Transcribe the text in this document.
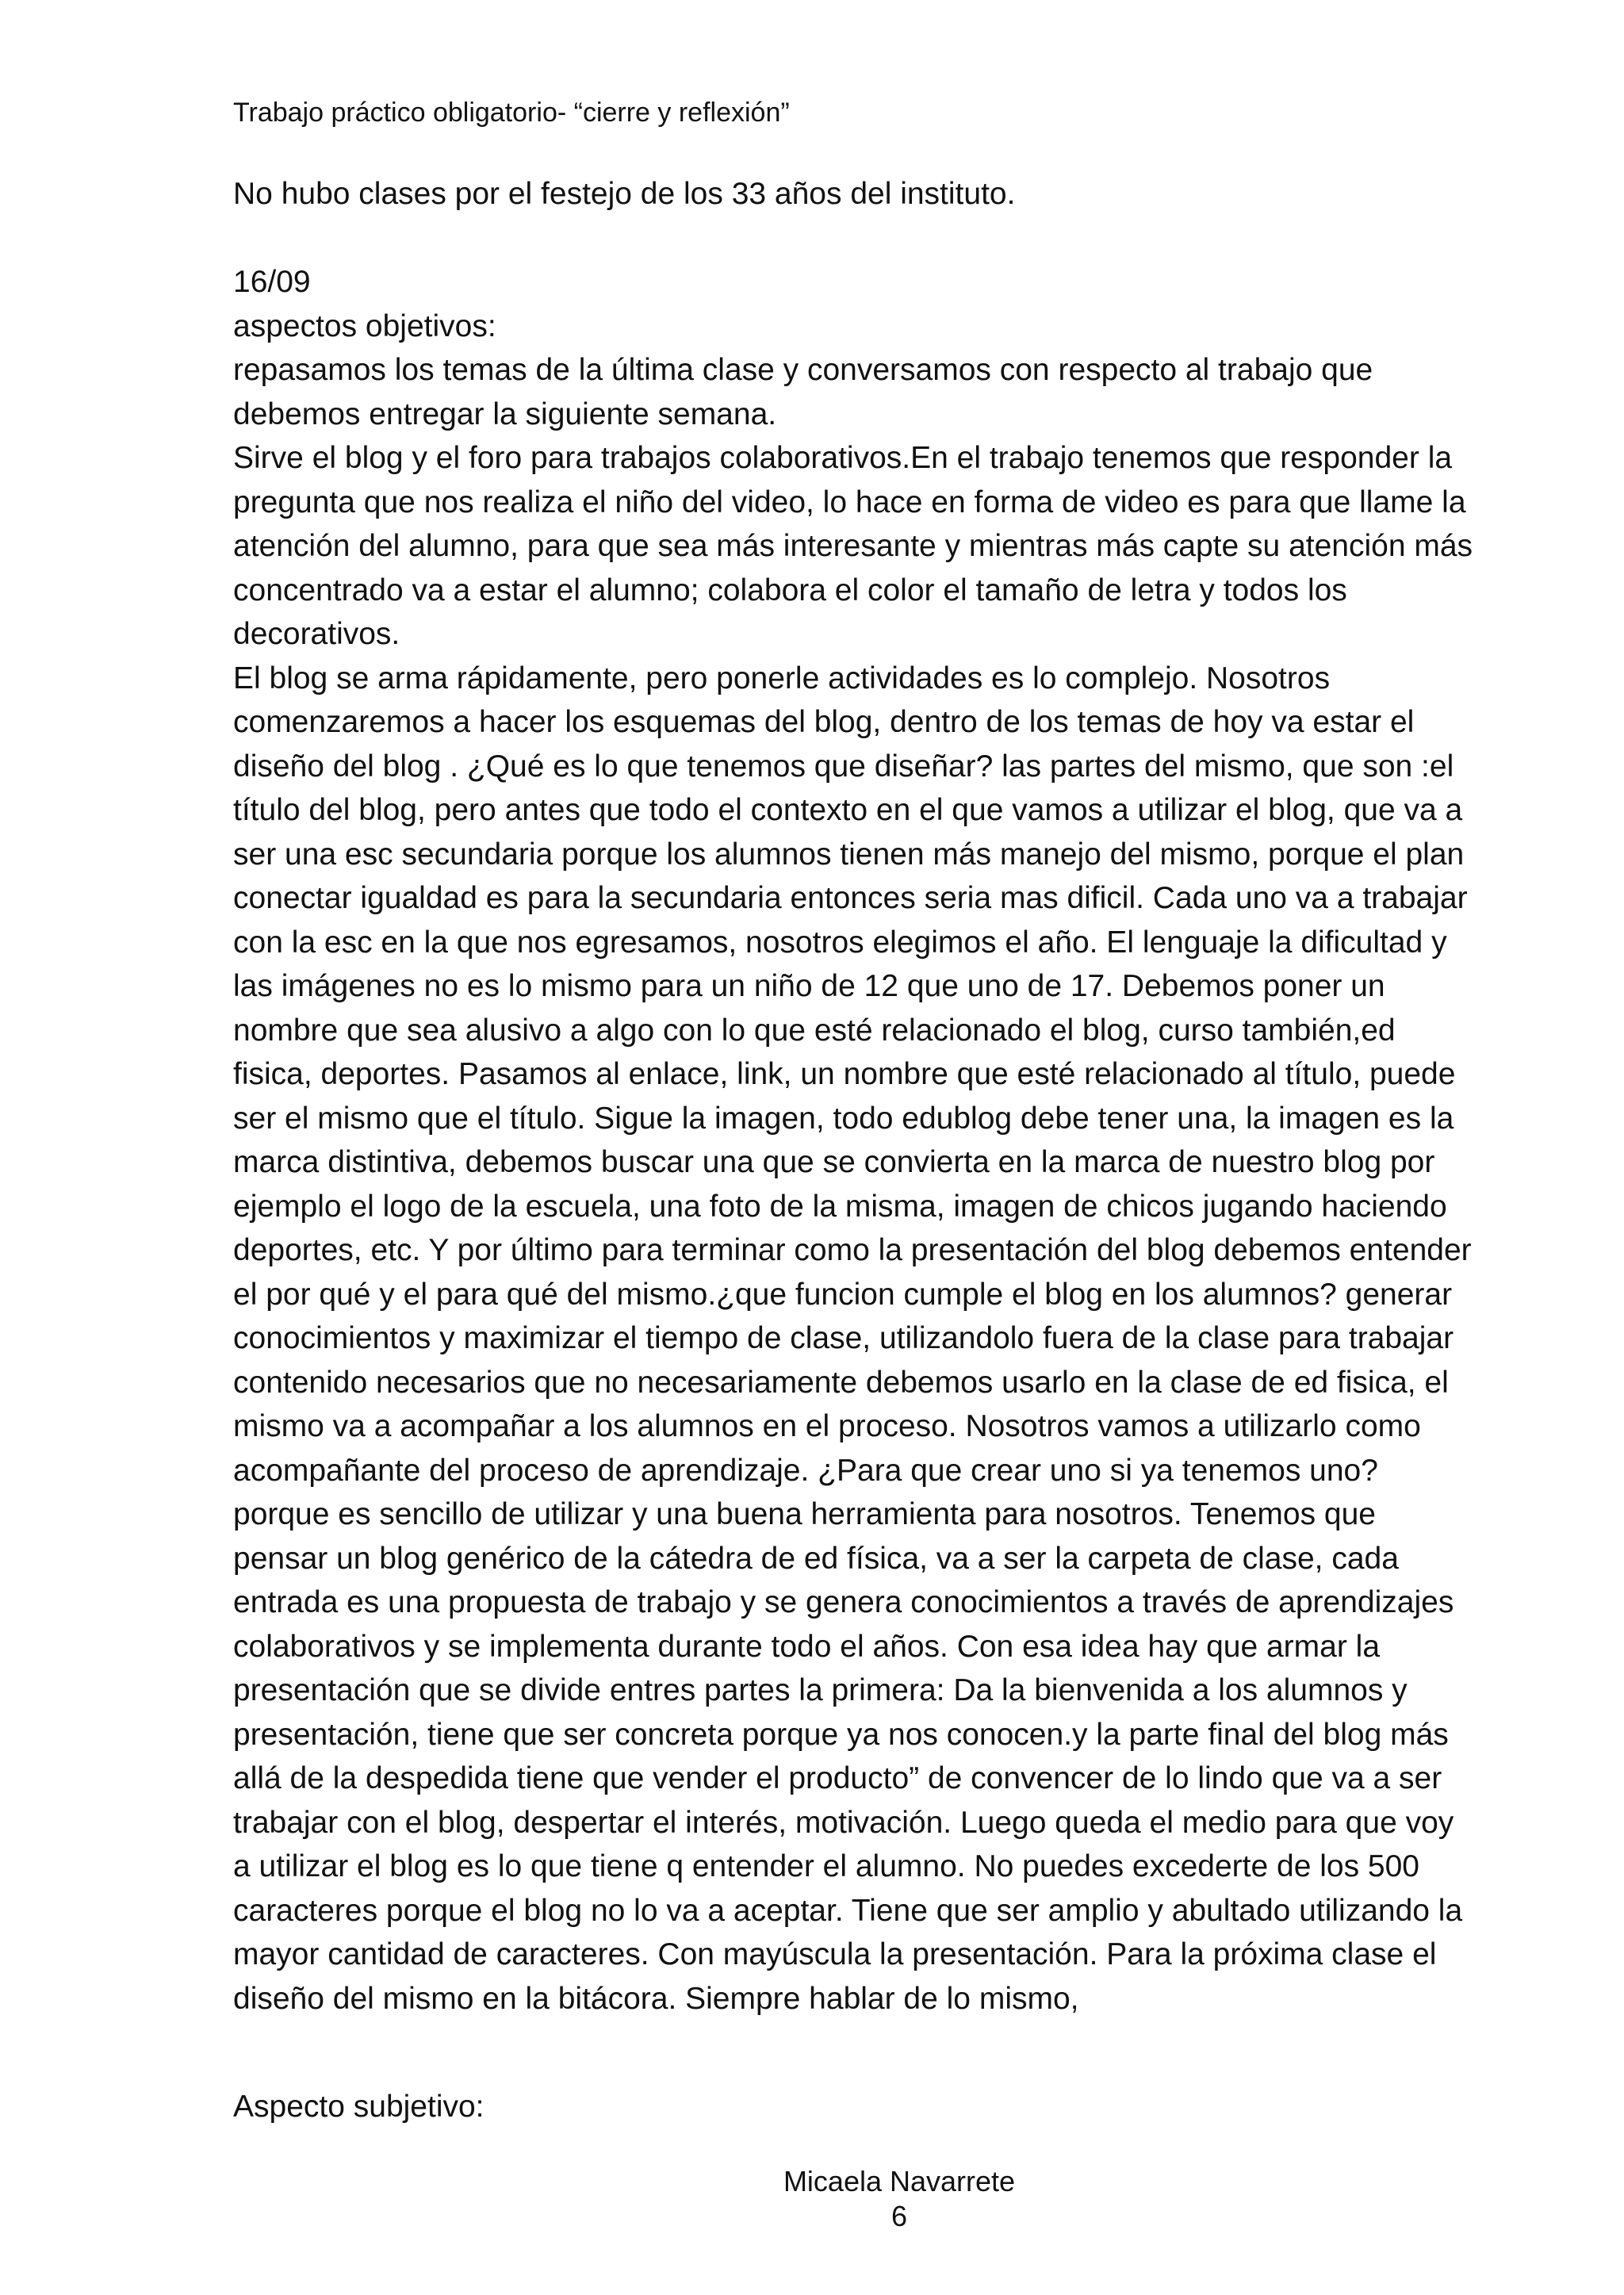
Trabajo práctico obligatorio- “cierre y reflexión”
No hubo clases por el festejo de los 33 años del instituto.
16/09
aspectos objetivos:
repasamos los temas de la última clase y conversamos con respecto al trabajo que
debemos entregar la siguiente semana.
Sirve el blog y el foro para trabajos colaborativos.En el trabajo tenemos que responder la
pregunta que nos realiza el niño del video, lo hace en forma de video es para que llame la
atención del alumno, para que sea más interesante y mientras más capte su atención más
concentrado va a estar el alumno; colabora el color el tamaño de letra y todos los
decorativos.
El blog se arma rápidamente, pero ponerle actividades es lo complejo. Nosotros
comenzaremos a hacer los esquemas del blog, dentro de los temas de hoy va estar el
diseño del blog . ¿Qué es lo que tenemos que diseñar? las partes del mismo, que son :el
título del blog, pero antes que todo el contexto en el que vamos a utilizar el blog, que va a
ser una esc secundaria porque los alumnos tienen más manejo del mismo, porque el plan
conectar igualdad es para la secundaria entonces seria mas dificil. Cada uno va a trabajar
con la esc en la que nos egresamos, nosotros elegimos el año. El lenguaje la dificultad y
las imágenes no es lo mismo para un niño de 12 que uno de 17. Debemos poner un
nombre que sea alusivo a algo con lo que esté relacionado el blog, curso también,ed
fisica, deportes. Pasamos al enlace, link, un nombre que esté relacionado al título, puede
ser el mismo que el título. Sigue la imagen, todo edublog debe tener una, la imagen es la
marca distintiva, debemos buscar una que se convierta en la marca de nuestro blog por
ejemplo el logo de la escuela, una foto de la misma, imagen de chicos jugando haciendo
deportes, etc. Y por último para terminar como la presentación del blog debemos entender
el por qué y el para qué del mismo.¿que funcion cumple el blog en los alumnos? generar
conocimientos y maximizar el tiempo de clase, utilizandolo fuera de la clase para trabajar
contenido necesarios que no necesariamente debemos usarlo en la clase de ed fisica, el
mismo va a acompañar a los alumnos en el proceso. Nosotros vamos a utilizarlo como
acompañante del proceso de aprendizaje. ¿Para que crear uno si ya tenemos uno?
porque es sencillo de utilizar y una buena herramienta para nosotros. Tenemos que
pensar un blog genérico de la cátedra de ed física, va a ser la carpeta de clase, cada
entrada es una propuesta de trabajo y se genera conocimientos a través de aprendizajes
colaborativos y se implementa durante todo el años. Con esa idea hay que armar la
presentación que se divide entres partes la primera: Da la bienvenida a los alumnos y
presentación, tiene que ser concreta porque ya nos conocen.y la parte final del blog más
allá de la despedida tiene que vender el producto” de convencer de lo lindo que va a ser
trabajar con el blog, despertar el interés, motivación. Luego queda el medio para que voy
a utilizar el blog es lo que tiene q entender el alumno. No puedes excederte de los 500
caracteres porque el blog no lo va a aceptar. Tiene que ser amplio y abultado utilizando la
mayor cantidad de caracteres. Con mayúscula la presentación. Para la próxima clase el
diseño del mismo en la bitácora. Siempre hablar de lo mismo,
Aspecto subjetivo:
Micaela Navarrete
6
